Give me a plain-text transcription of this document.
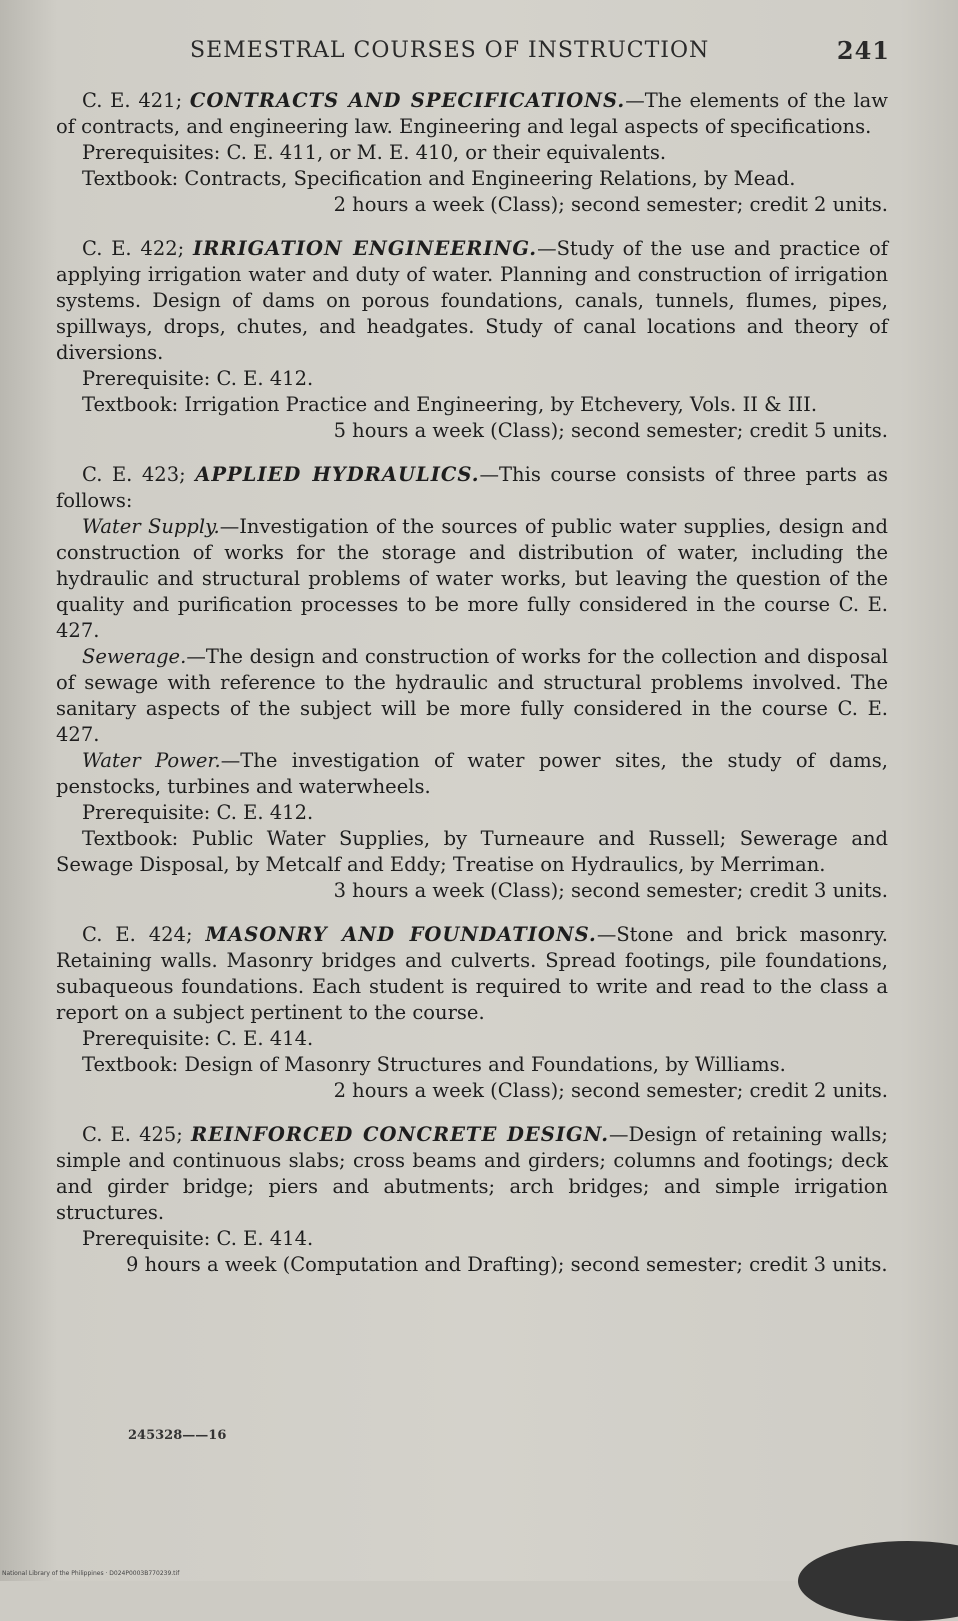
SEMESTRAL COURSES OF INSTRUCTION	241

C. E. 421; CONTRACTS AND SPECIFICATIONS.—The elements of the law of contracts, and engineering law. Engineering and legal aspects of specifications.

Prerequisites: C. E. 411, or M. E. 410, or their equivalents.

Textbook: Contracts, Specification and Engineering Relations, by Mead.

2 hours a week (Class); second semester; credit 2 units.

C. E. 422; IRRIGATION ENGINEERING.—Study of the use and practice of applying irrigation water and duty of water. Planning and construction of irrigation systems. Design of dams on porous foundations, canals, tunnels, flumes, pipes, spillways, drops, chutes, and headgates. Study of canal locations and theory of diversions.

Prerequisite: C. E. 412.

Textbook: Irrigation Practice and Engineering, by Etchevery, Vols. II & III.

5 hours a week (Class); second semester; credit 5 units.

C. E. 423; APPLIED HYDRAULICS.—This course consists of three parts as follows:

Water Supply.—Investigation of the sources of public water supplies, design and construction of works for the storage and distribution of water, including the hydraulic and structural problems of water works, but leaving the question of the quality and purification processes to be more fully considered in the course C. E. 427.

Sewerage.—The design and construction of works for the collection and disposal of sewage with reference to the hydraulic and structural problems involved. The sanitary aspects of the subject will be more fully considered in the course C. E. 427.

Water Power.—The investigation of water power sites, the study of dams, penstocks, turbines and waterwheels.

Prerequisite: C. E. 412.

Textbook: Public Water Supplies, by Turneaure and Russell; Sewerage and Sewage Disposal, by Metcalf and Eddy; Treatise on Hydraulics, by Merriman.

3 hours a week (Class); second semester; credit 3 units.

C. E. 424; MASONRY AND FOUNDATIONS.—Stone and brick masonry. Retaining walls. Masonry bridges and culverts. Spread footings, pile foundations, subaqueous foundations. Each student is required to write and read to the class a report on a subject pertinent to the course.

Prerequisite: C. E. 414.

Textbook: Design of Masonry Structures and Foundations, by Williams.

2 hours a week (Class); second semester; credit 2 units.

C. E. 425; REINFORCED CONCRETE DESIGN.—Design of retaining walls; simple and continuous slabs; cross beams and girders; columns and footings; deck and girder bridge; piers and abutments; arch bridges; and simple irrigation structures.

Prerequisite: C. E. 414.

9 hours a week (Computation and Drafting); second semester; credit 3 units.

245328——16
National Library of the Philippines · D024P0003B770239.tif
